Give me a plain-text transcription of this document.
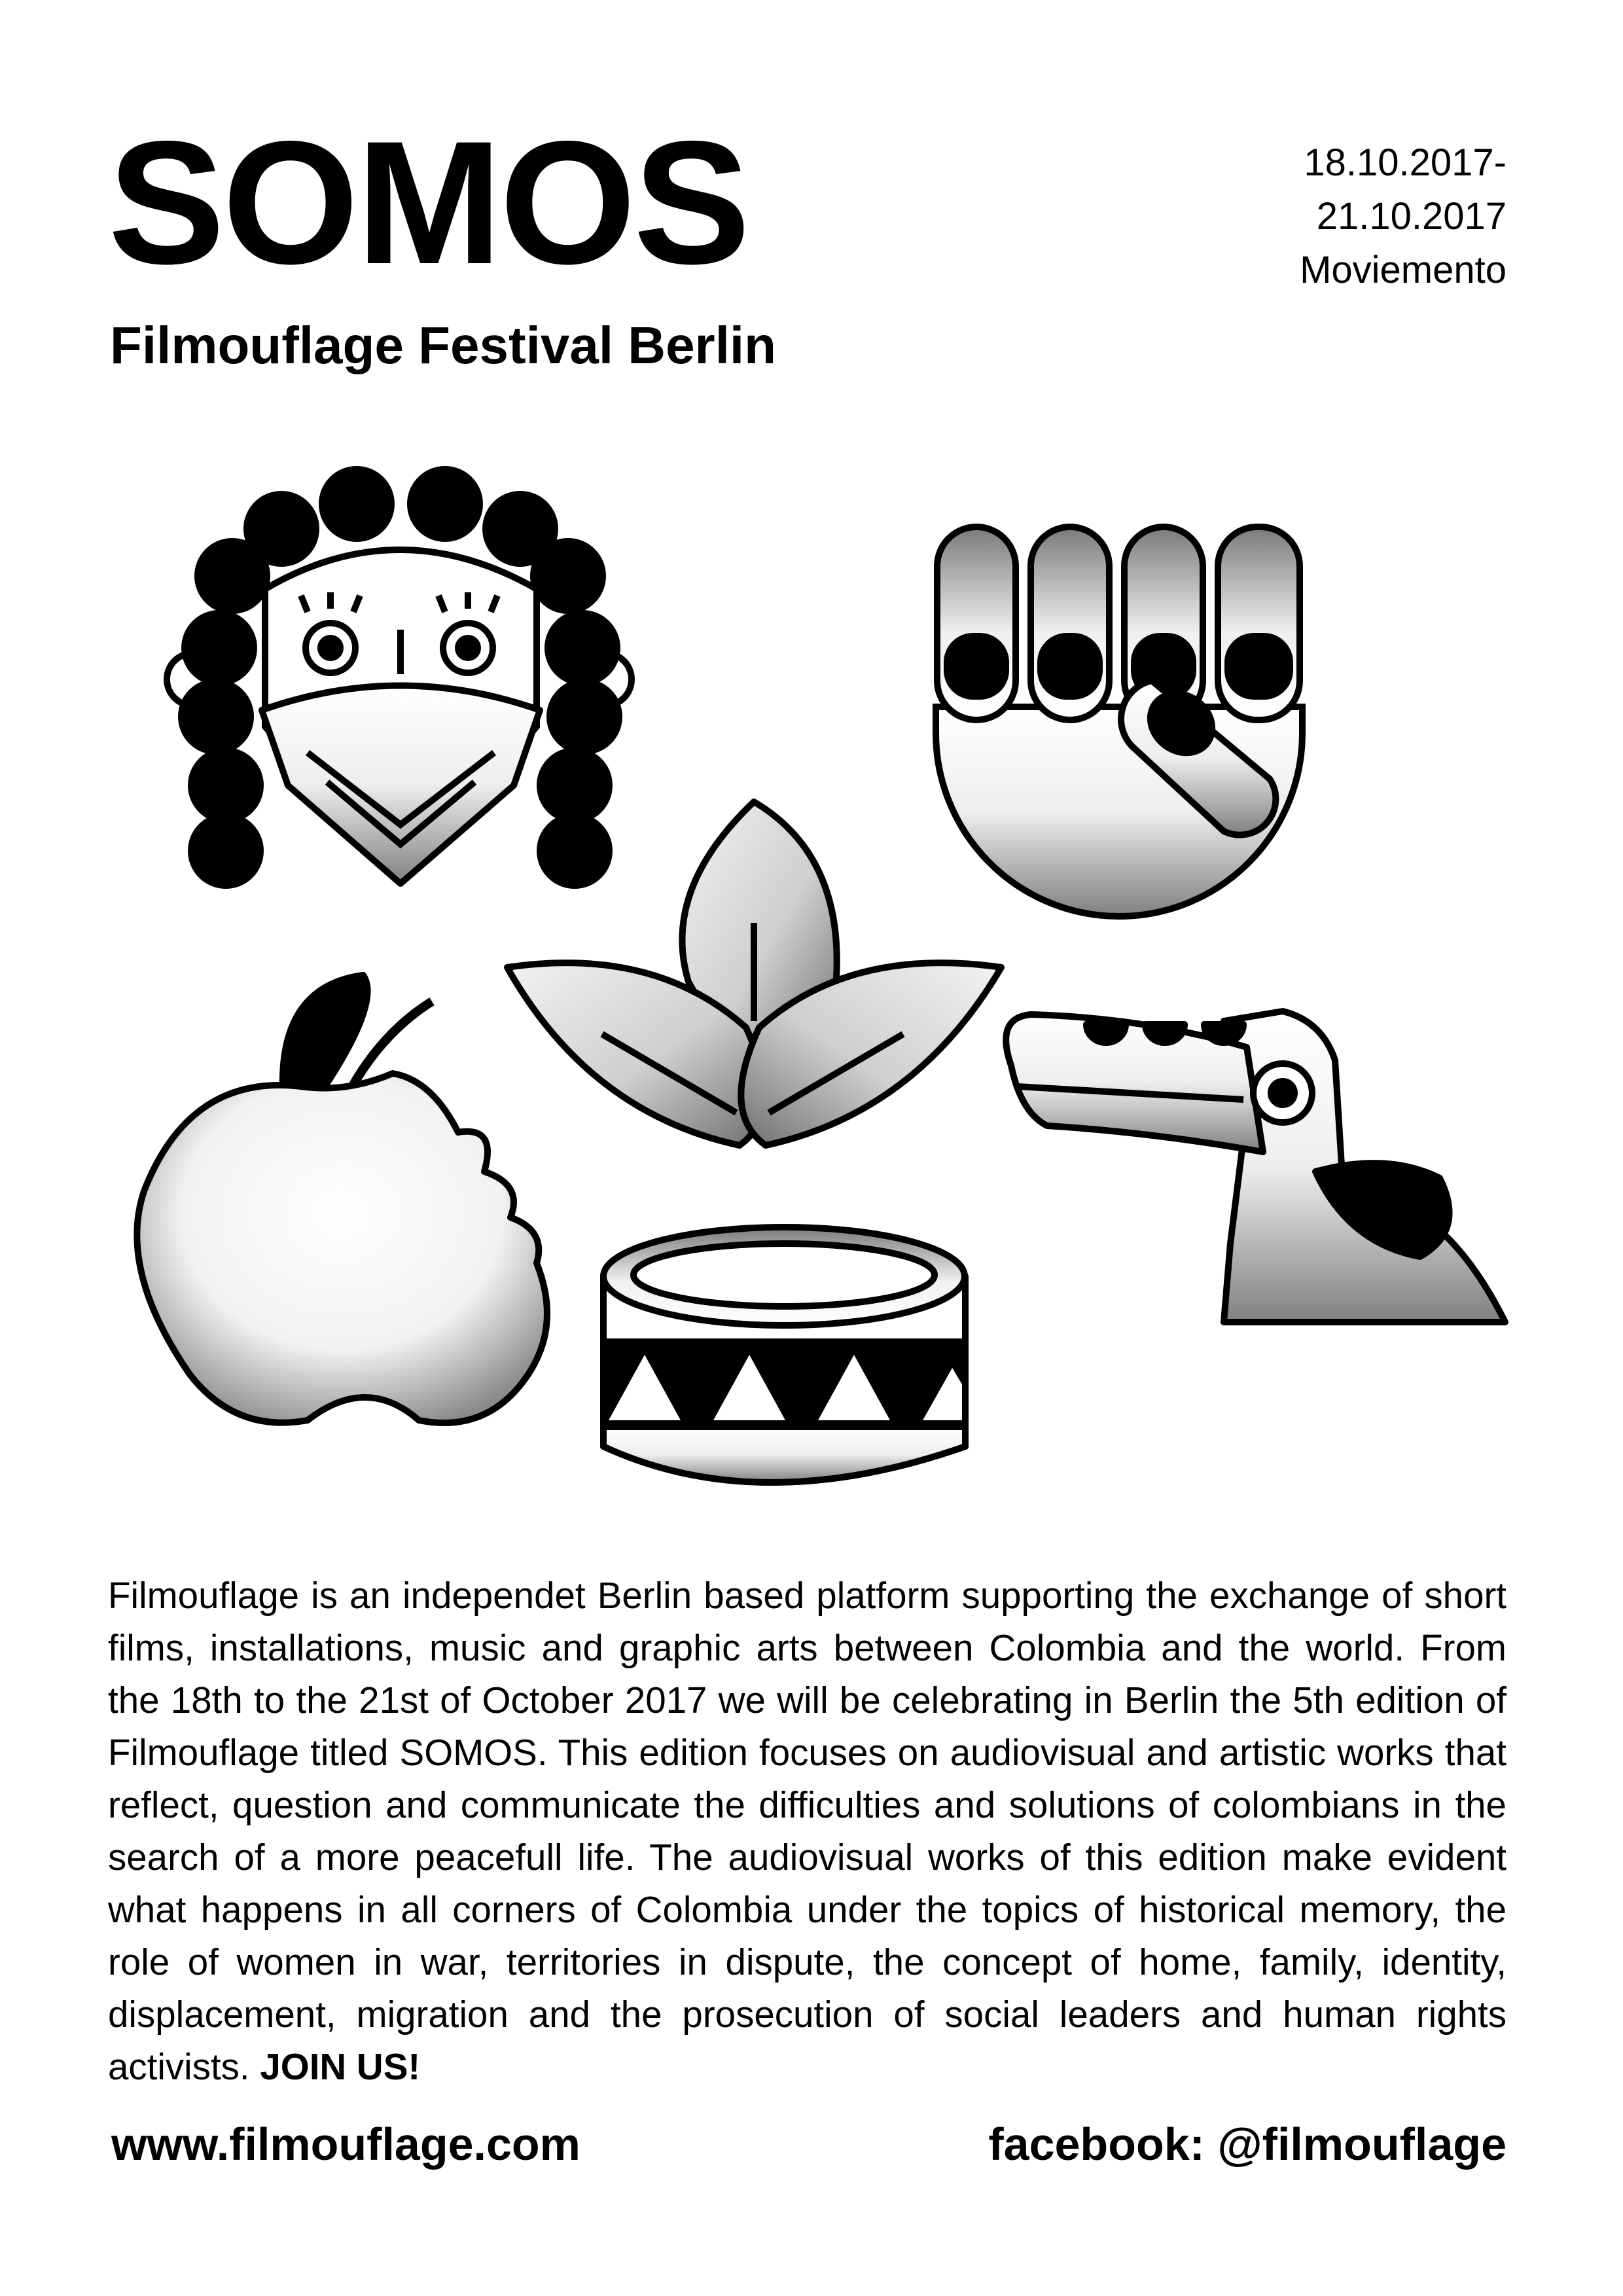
SOMOS
Filmouflage Festival Berlin
18.10.2017-
21.10.2017
Moviemento
Filmouflage is an independet Berlin based platform supporting the exchange of short films, installations, music and graphic arts between Colombia and the world. From the 18th to the 21st of October 2017 we will be celebrating in Berlin the 5th edition of Filmouflage titled SOMOS. This edition focuses on audiovisual and artistic works that reflect, question and communicate the difficulties and solutions of colombians in the search of a more peacefull life. The audiovisual works of this edition make evident what happens in all corners of Colombia under the topics of historical memory, the role of women in war, territories in dispute, the concept of home, family, identity, displacement, migration and the prosecution of social leaders and human rights activists. JOIN US!
www.filmouflage.com	facebook: @filmouflage
